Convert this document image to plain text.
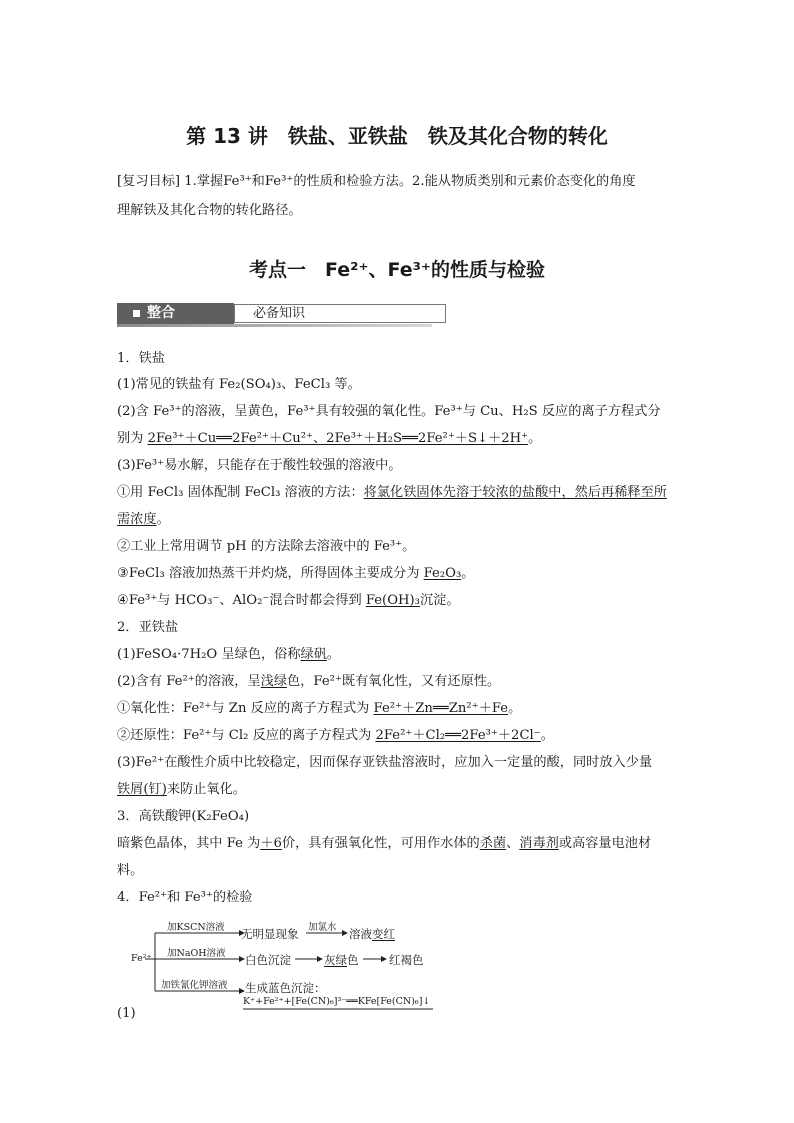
第 13 讲　铁盐、亚铁盐　铁及其化合物的转化
[复习目标] 1.掌握Fe³⁺和Fe³⁺的性质和检验方法。2.能从物质类别和元素价态变化的角度
理解铁及其化合物的转化路径。
考点一　Fe²⁺、Fe³⁺的性质与检验
整合	必备知识
1．铁盐
(1)常见的铁盐有 Fe₂(SO₄)₃、FeCl₃ 等。
(2)含 Fe³⁺的溶液，呈黄色，Fe³⁺具有较强的氧化性。Fe³⁺与 Cu、H₂S 反应的离子方程式分
别为 2Fe³⁺＋Cu══2Fe²⁺＋Cu²⁺、2Fe³⁺＋H₂S══2Fe²⁺＋S↓＋2H⁺。
(3)Fe³⁺易水解，只能存在于酸性较强的溶液中。
①用 FeCl₃ 固体配制 FeCl₃ 溶液的方法：将氯化铁固体先溶于较浓的盐酸中，然后再稀释至所
需浓度。
②工业上常用调节 pH 的方法除去溶液中的 Fe³⁺。
③FeCl₃ 溶液加热蒸干并灼烧，所得固体主要成分为 Fe₂O₃。
④Fe³⁺与 HCO₃⁻、AlO₂⁻混合时都会得到 Fe(OH)₃沉淀。
2．亚铁盐
(1)FeSO₄·7H₂O 呈绿色，俗称绿矾。
(2)含有 Fe²⁺的溶液，呈浅绿色，Fe²⁺既有氧化性，又有还原性。
①氧化性：Fe²⁺与 Zn 反应的离子方程式为 Fe²⁺＋Zn══Zn²⁺＋Fe。
②还原性：Fe²⁺与 Cl₂ 反应的离子方程式为 2Fe²⁺＋Cl₂══2Fe³⁺＋2Cl⁻。
(3)Fe²⁺在酸性介质中比较稳定，因而保存亚铁盐溶液时，应加入一定量的酸，同时放入少量
铁屑(钉)来防止氧化。
3．高铁酸钾(K₂FeO₄)
暗紫色晶体，其中 Fe 为＋6价，具有强氧化性，可用作水体的杀菌、消毒剂或高容量电池材
料。
4．Fe²⁺和 Fe³⁺的检验
Fe²⁺
加KSCN溶液 无明显现象 加氯水 溶液变红
加NaOH溶液 白色沉淀	灰绿色	红褐色
加铁氰化钾溶液 生成蓝色沉淀：
K⁺+Fe²⁺+[Fe(CN)₆]³⁻══KFe[Fe(CN)₆]↓
(1)
